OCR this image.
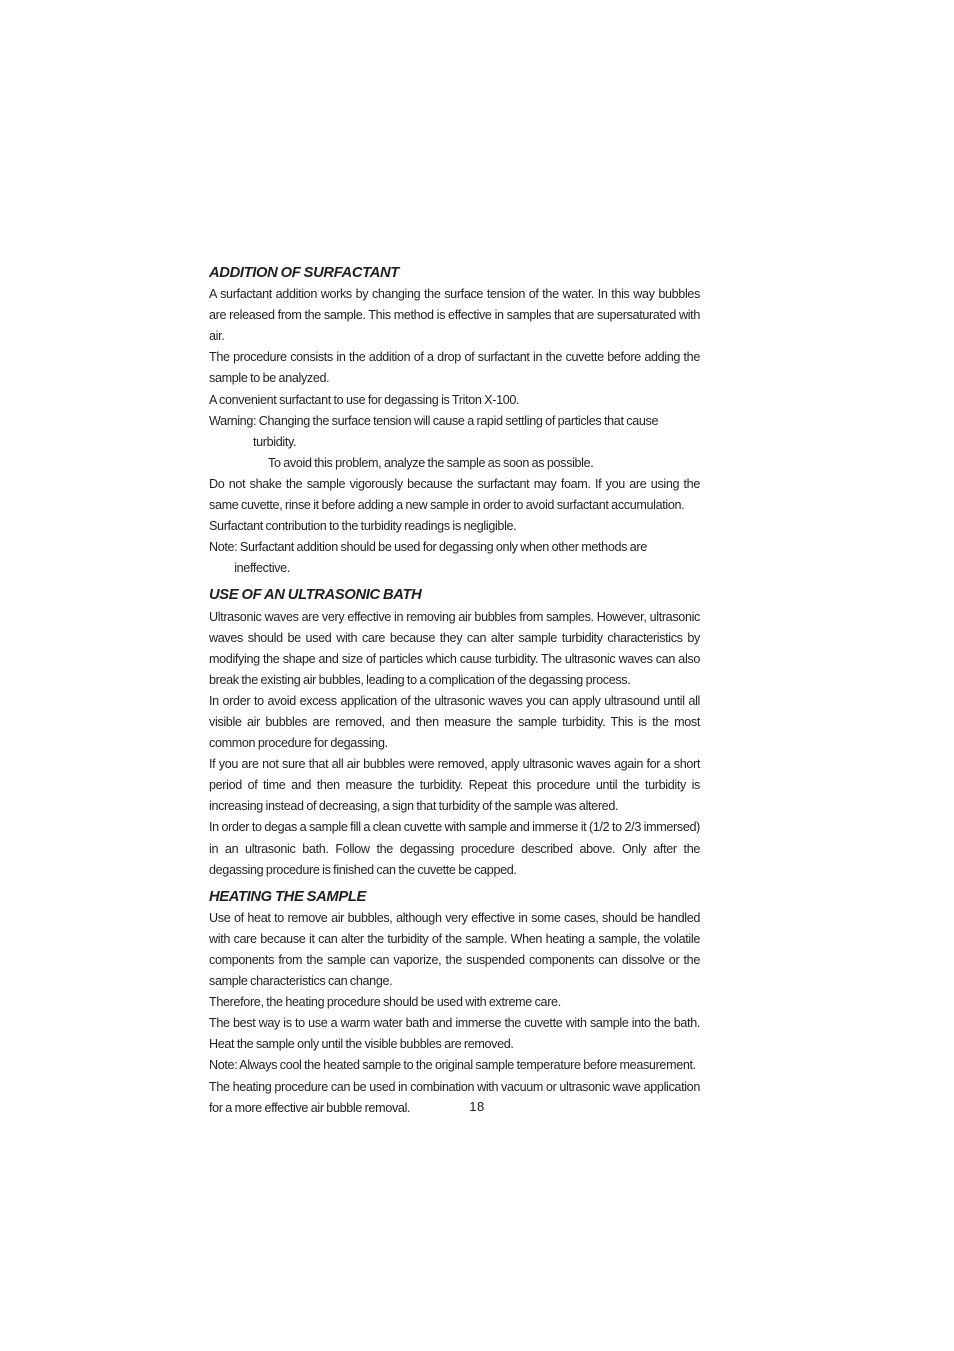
ADDITION OF SURFACTANT

A surfactant addition works by changing the surface tension of the water. In this way bubbles are released from the sample. This method is effective in samples that are supersaturated with air.

The procedure consists in the addition of a drop of surfactant in the cuvette before adding the sample to be analyzed.

A convenient surfactant to use for degassing is Triton X-100.

Warning : Changing the surface tension will cause a rapid settling of particles that cause turbidity.
To avoid this problem, analyze the sample as soon as possible.

Do not shake the sample vigorously because the surfactant may foam. If you are using the same cuvette, rinse it before adding a new sample in order to avoid surfactant accumulation.

Surfactant contribution to the turbidity readings is negligible.

Note : Surfactant addition should be used for degassing only when other methods are ineffective.
USE OF AN ULTRASONIC BATH

Ultrasonic waves are very effective in removing air bubbles from samples. However, ultrasonic waves should be used with care because they can alter sample turbidity characteristics by modifying the shape and size of particles which cause turbidity. The ultrasonic waves can also break the existing air bubbles, leading to a complication of the degassing process.

In order to avoid excess application of the ultrasonic waves you can apply ultrasound until all visible air bubbles are removed, and then measure the sample turbidity. This is the most common procedure for degassing.

If you are not sure that all air bubbles were removed, apply ultrasonic waves again for a short period of time and then measure the turbidity. Repeat this procedure until the turbidity is increasing instead of decreasing, a sign that turbidity of the sample was altered.

In order to degas a sample fill a clean cuvette with sample and immerse it (1/2 to 2/3 immersed) in an ultrasonic bath. Follow the degassing procedure described above. Only after the degassing procedure is finished can the cuvette be capped.

HEATING THE SAMPLE

Use of heat to remove air bubbles, although very effective in some cases, should be handled with care because it can alter the turbidity of the sample. When heating a sample, the volatile components from the sample can vaporize, the suspended components can dissolve or the sample characteristics can change.

Therefore, the heating procedure should be used with extreme care.

The best way is to use a warm water bath and immerse the cuvette with sample into the bath. Heat the sample only until the visible bubbles are removed.

Note : Always cool the heated sample to the original sample temperature before measurement.

The heating procedure can be used in combination with vacuum or ultrasonic wave application for a more effective air bubble removal.	18
